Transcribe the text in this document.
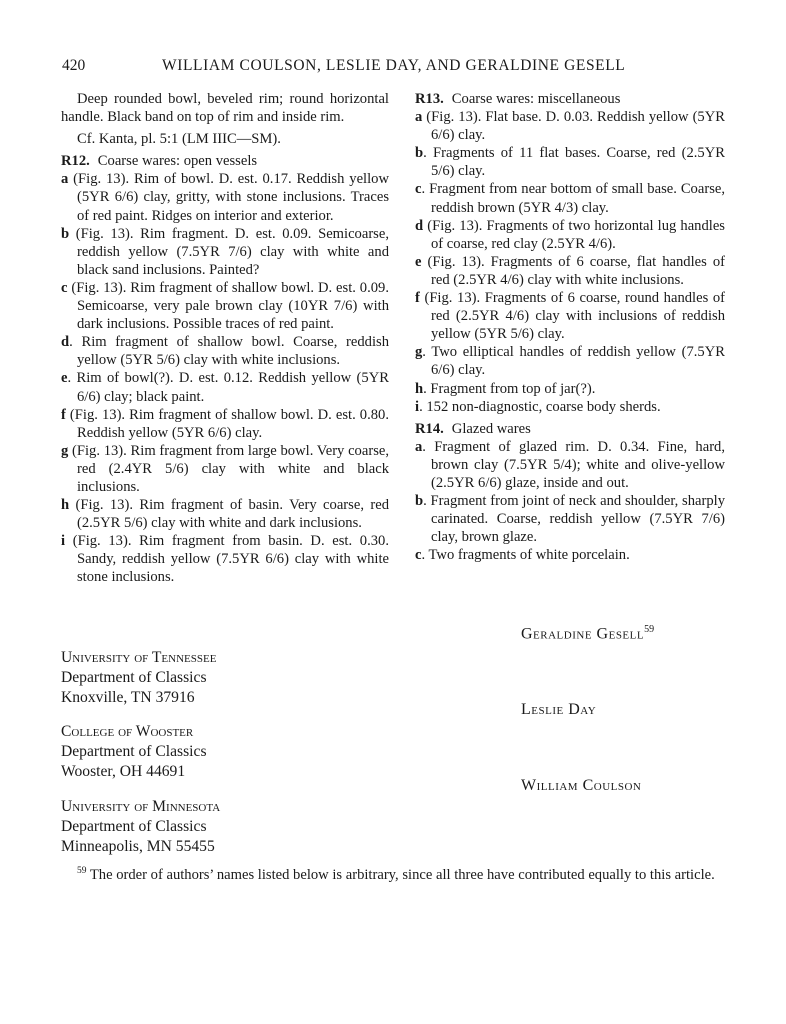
420	WILLIAM COULSON, LESLIE DAY, AND GERALDINE GESELL

Deep rounded bowl, beveled rim; round horizontal handle. Black band on top of rim and inside rim.

Cf. Kanta, pl. 5:1 (LM IIIC—SM).

R12. Coarse wares: open vessels

a (Fig. 13). Rim of bowl. D. est. 0.17. Reddish yellow (5YR 6/6) clay, gritty, with stone inclusions. Traces of red paint. Ridges on interior and exterior.

b (Fig. 13). Rim fragment. D. est. 0.09. Semicoarse, reddish yellow (7.5YR 7/6) clay with white and black sand inclusions. Painted?

c (Fig. 13). Rim fragment of shallow bowl. D. est. 0.09. Semicoarse, very pale brown clay (10YR 7/6) with dark inclusions. Possible traces of red paint.

d. Rim fragment of shallow bowl. Coarse, reddish yellow (5YR 5/6) clay with white inclusions.

e. Rim of bowl(?). D. est. 0.12. Reddish yellow (5YR 6/6) clay; black paint.

f (Fig. 13). Rim fragment of shallow bowl. D. est. 0.80. Reddish yellow (5YR 6/6) clay.

g (Fig. 13). Rim fragment from large bowl. Very coarse, red (2.4YR 5/6) clay with white and black inclusions.

h (Fig. 13). Rim fragment of basin. Very coarse, red (2.5YR 5/6) clay with white and dark inclusions.

i (Fig. 13). Rim fragment from basin. D. est. 0.30. Sandy, reddish yellow (7.5YR 6/6) clay with white stone inclusions.

R13. Coarse wares: miscellaneous

a (Fig. 13). Flat base. D. 0.03. Reddish yellow (5YR 6/6) clay.

b. Fragments of 11 flat bases. Coarse, red (2.5YR 5/6) clay.

c. Fragment from near bottom of small base. Coarse, reddish brown (5YR 4/3) clay.

d (Fig. 13). Fragments of two horizontal lug handles of coarse, red clay (2.5YR 4/6).

e (Fig. 13). Fragments of 6 coarse, flat handles of red (2.5YR 4/6) clay with white inclusions.

f (Fig. 13). Fragments of 6 coarse, round handles of red (2.5YR 4/6) clay with inclusions of reddish yellow (5YR 5/6) clay.

g. Two elliptical handles of reddish yellow (7.5YR 6/6) clay.

h. Fragment from top of jar(?).

i. 152 non-diagnostic, coarse body sherds.

R14. Glazed wares

a. Fragment of glazed rim. D. 0.34. Fine, hard, brown clay (7.5YR 5/4); white and olive-yellow (2.5YR 6/6) glaze, inside and out.

b. Fragment from joint of neck and shoulder, sharply carinated. Coarse, reddish yellow (7.5YR 7/6) clay, brown glaze.

c. Two fragments of white porcelain.

University of Tennessee
Department of Classics
Knoxville, TN 37916
College of Wooster
Department of Classics
Wooster, OH 44691
University of Minnesota
Department of Classics
Minneapolis, MN 55455
Geraldine Gesell$^{59}$
Leslie Day
William Coulson
$^{59}$ The order of authors’ names listed below is arbitrary, since all three have contributed equally to this article.
